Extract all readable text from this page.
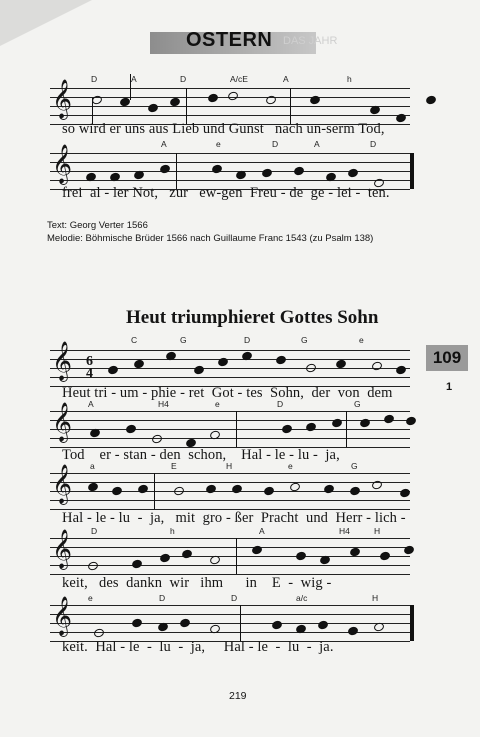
OSTERN DAS JAHR
𝄞
D	A	D	A/cE	A	h
so wird er uns aus Lieb und Gunst   nach un-serm Tod,
𝄞
A	e	D	A	D
frei  al - ler Not,   zur   ew-gen  Freu - de  ge - lei -  ten.
Text: Georg Verter 1566
Melodie: Böhmische Brüder 1566 nach Guillaume Franc 1543 (zu Psalm 138)
Heut triumphieret Gottes Sohn
109
1
𝄞 6
4
C	G	D	G	e
Heut tri - um - phie - ret  Got - tes  Sohn,  der  von  dem
𝄞 A	H4	e	D	G
Tod    er - stan - den  schon,    Hal - le - lu -  ja,
𝄞 a	E	H	e	G
Hal - le - lu  -  ja,   mit  gro - ßer  Pracht  und  Herr - lich -
𝄞 D	h	A	H4	H
keit,   des  dankn  wir   ihm      in    E  -  wig -
𝄞 e	D	D	a/c	H
keit.  Hal - le  -  lu  -  ja,     Hal - le  -  lu  -  ja.
219
